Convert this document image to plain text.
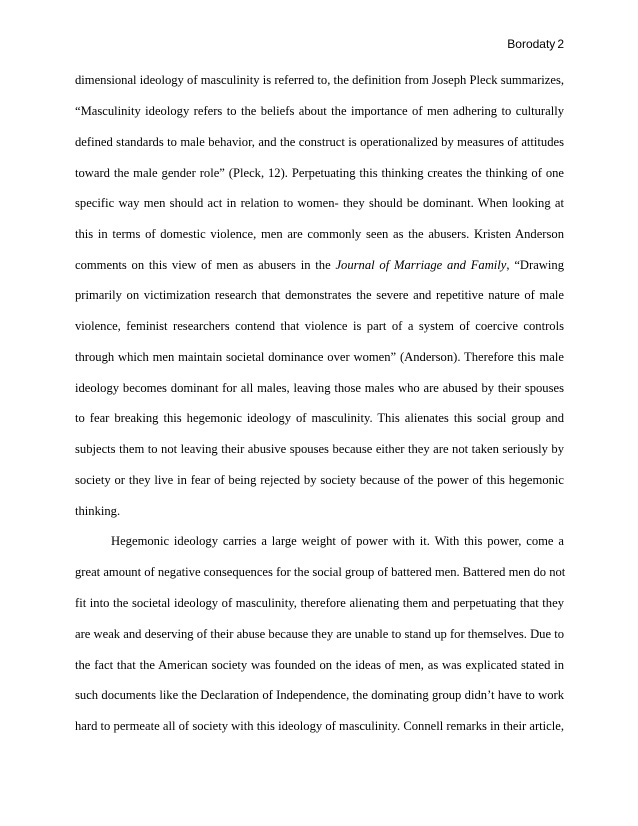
Borodaty 2
dimensional ideology of masculinity is referred to, the definition from Joseph Pleck summarizes,
“Masculinity ideology refers to the beliefs about the importance of men adhering to culturally
defined standards to male behavior, and the construct is operationalized by measures of attitudes
toward the male gender role” (Pleck, 12). Perpetuating this thinking creates the thinking of one
specific way men should act in relation to women- they should be dominant. When looking at
this in terms of domestic violence, men are commonly seen as the abusers. Kristen Anderson
comments on this view of men as abusers in the Journal of Marriage and Family, “Drawing
primarily on victimization research that demonstrates the severe and repetitive nature of male
violence, feminist researchers contend that violence is part of a system of coercive controls
through which men maintain societal dominance over women” (Anderson). Therefore this male
ideology becomes dominant for all males, leaving those males who are abused by their spouses
to fear breaking this hegemonic ideology of masculinity. This alienates this social group and
subjects them to not leaving their abusive spouses because either they are not taken seriously by
society or they live in fear of being rejected by society because of the power of this hegemonic
thinking.
Hegemonic ideology carries a large weight of power with it. With this power, come a
great amount of negative consequences for the social group of battered men. Battered men do not
fit into the societal ideology of masculinity, therefore alienating them and perpetuating that they
are weak and deserving of their abuse because they are unable to stand up for themselves. Due to
the fact that the American society was founded on the ideas of men, as was explicated stated in
such documents like the Declaration of Independence, the dominating group didn’t have to work
hard to permeate all of society with this ideology of masculinity. Connell remarks in their article,
